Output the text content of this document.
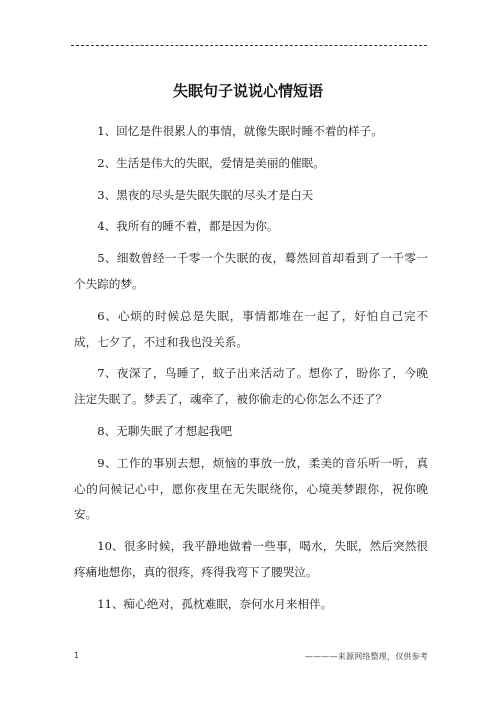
失眠句子说说心情短语

1、回忆是件很累人的事情，就像失眠时睡不着的样子。

2、生活是伟大的失眠，爱情是美丽的催眠。

3、黑夜的尽头是失眠失眠的尽头才是白天

4、我所有的睡不着，都是因为你。

5、细数曾经一千零一个失眠的夜，蓦然回首却看到了一千零一个失踪的梦。

6、心烦的时候总是失眠，事情都堆在一起了，好怕自己完不成，七夕了，不过和我也没关系。

7、夜深了，鸟睡了，蚊子出来活动了。想你了，盼你了，今晚注定失眠了。梦丢了，魂牵了，被你偷走的心你怎么不还了？

8、无聊失眠了才想起我吧

9、工作的事别去想，烦恼的事放一放，柔美的音乐听一听，真心的问候记心中，愿你夜里在无失眠绕你，心境美梦跟你，祝你晚安。

10、很多时候，我平静地做着一些事，喝水，失眠，然后突然很疼痛地想你，真的很疼，疼得我弯下了腰哭泣。

11、痴心绝对，孤枕难眠，奈何水月来相伴。

1	————来源网络整理，仅供参考
